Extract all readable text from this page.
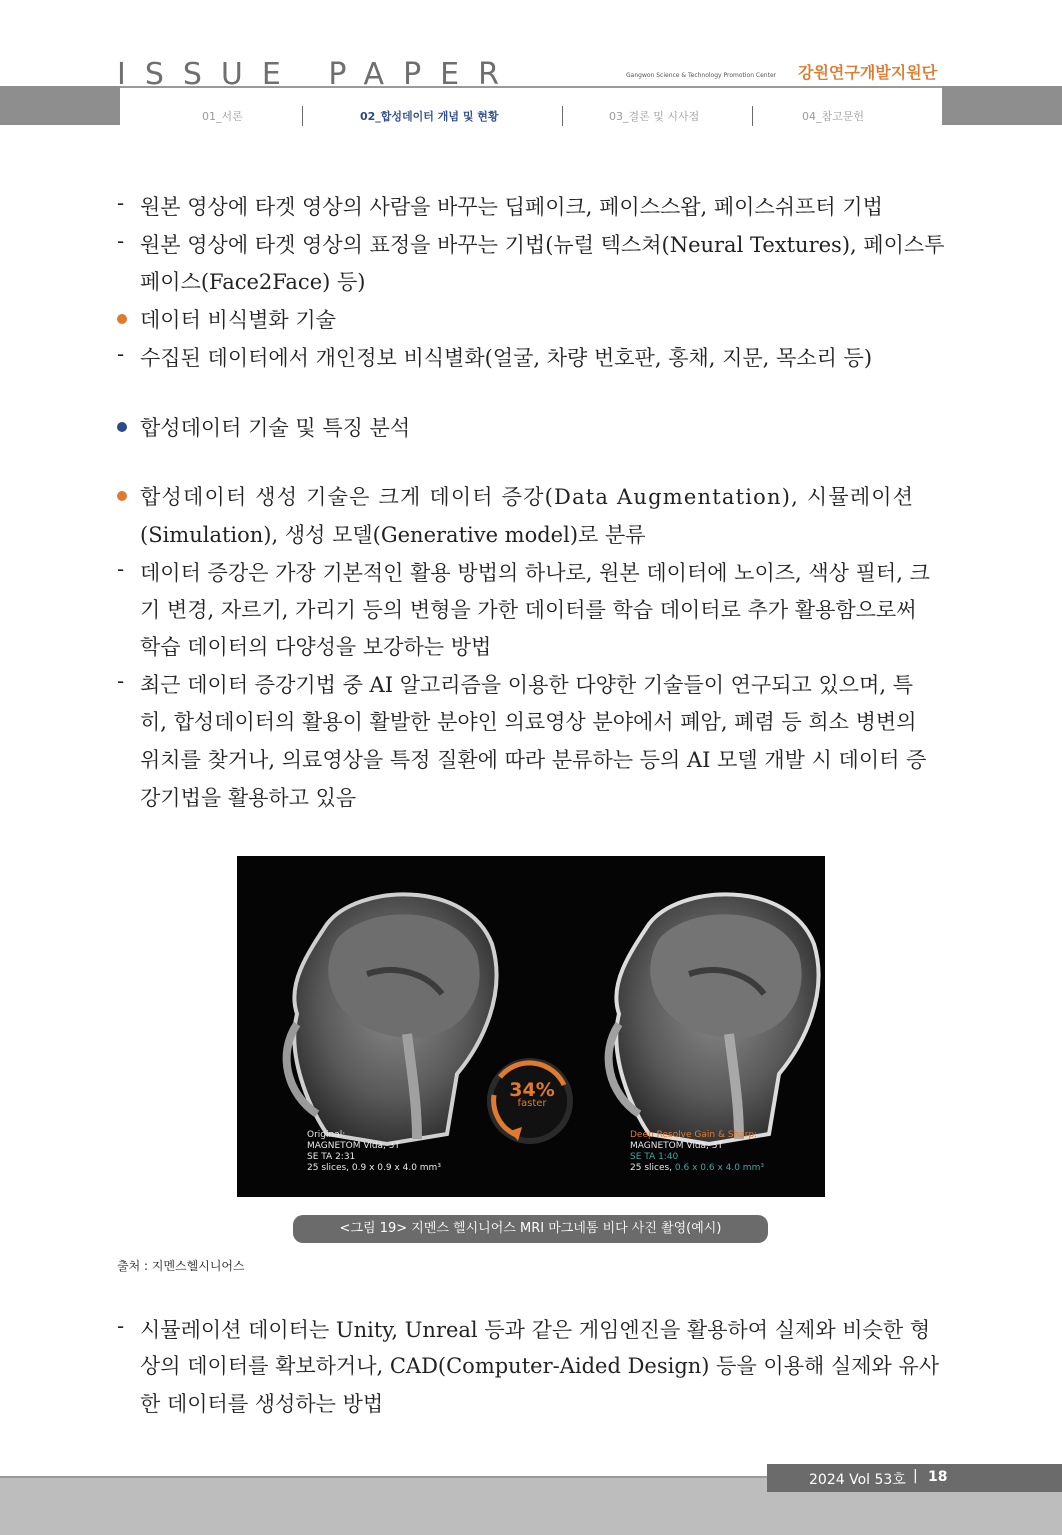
ISSUE PAPER	Gangwon Science & Technology Promotion Center 강원연구개발지원단
01_서론	02_합성데이터 개념 및 현황	03_결론 및 시사점	04_참고문헌
- 원본 영상에 타겟 영상의 사람을 바꾸는 딥페이크, 페이스스왑, 페이스쉬프터 기법
- 원본 영상에 타겟 영상의 표정을 바꾸는 기법(뉴럴 텍스쳐(Neural Textures), 페이스투
페이스(Face2Face) 등)
데이터 비식별화 기술
- 수집된 데이터에서 개인정보 비식별화(얼굴, 차량 번호판, 홍채, 지문, 목소리 등)
합성데이터 기술 및 특징 분석
합성데이터 생성 기술은 크게 데이터 증강(Data Augmentation), 시뮬레이션
(Simulation), 생성 모델(Generative model)로 분류
- 데이터 증강은 가장 기본적인 활용 방법의 하나로, 원본 데이터에 노이즈, 색상 필터, 크
기 변경, 자르기, 가리기 등의 변형을 가한 데이터를 학습 데이터로 추가 활용함으로써
학습 데이터의 다양성을 보강하는 방법
- 최근 데이터 증강기법 중 AI 알고리즘을 이용한 다양한 기술들이 연구되고 있으며, 특
히, 합성데이터의 활용이 활발한 분야인 의료영상 분야에서 폐암, 폐렴 등 희소 병변의
위치를 찾거나, 의료영상을 특정 질환에 따라 분류하는 등의 AI 모델 개발 시 데이터 증
강기법을 활용하고 있음
34%
faster
Original:
MAGNETOM Vida, 3T
SE TA 2:31
25 slices, 0.9 x 0.9 x 4.0 mm³
Deep Resolve Gain & Sharp:
MAGNETOM Vida, 3T
SE TA 1:40
25 slices, 0.6 x 0.6 x 4.0 mm³
<그림 19> 지멘스 헬시니어스 MRI 마그네톰 비다 사진 촬영(예시)
출처 : 지멘스헬시니어스
- 시뮬레이션 데이터는 Unity, Unreal 등과 같은 게임엔진을 활용하여 실제와 비슷한 형
상의 데이터를 확보하거나, CAD(Computer-Aided Design) 등을 이용해 실제와 유사
한 데이터를 생성하는 방법
2024 Vol 53호 | 18
